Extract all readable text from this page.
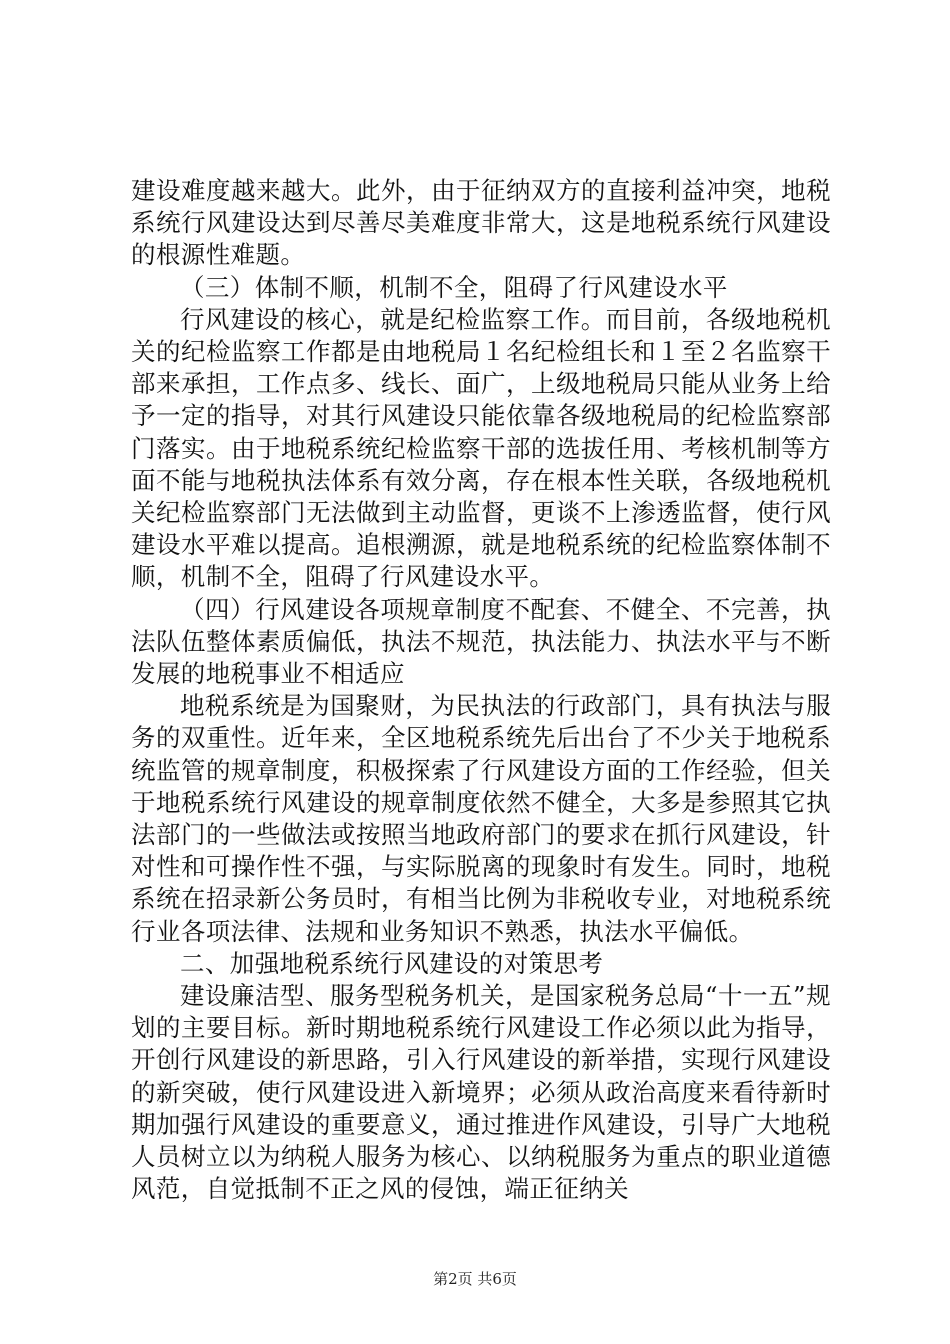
建设难度越来越大。此外，由于征纳双方的直接利益冲突，地税系统行风建设达到尽善尽美难度非常大，这是地税系统行风建设的根源性难题。

（三）体制不顺，机制不全，阻碍了行风建设水平

行风建设的核心，就是纪检监察工作。而目前，各级地税机关的纪检监察工作都是由地税局１名纪检组长和１至２名监察干部来承担，工作点多、线长、面广，上级地税局只能从业务上给予一定的指导，对其行风建设只能依靠各级地税局的纪检监察部门落实。由于地税系统纪检监察干部的选拔任用、考核机制等方面不能与地税执法体系有效分离，存在根本性关联，各级地税机关纪检监察部门无法做到主动监督，更谈不上渗透监督，使行风建设水平难以提高。追根溯源，就是地税系统的纪检监察体制不顺，机制不全，阻碍了行风建设水平。

（四）行风建设各项规章制度不配套、不健全、不完善，执法队伍整体素质偏低，执法不规范，执法能力、执法水平与不断发展的地税事业不相适应

地税系统是为国聚财，为民执法的行政部门，具有执法与服务的双重性。近年来，全区地税系统先后出台了不少关于地税系统监管的规章制度，积极探索了行风建设方面的工作经验，但关于地税系统行风建设的规章制度依然不健全，大多是参照其它执法部门的一些做法或按照当地政府部门的要求在抓行风建设，针对性和可操作性不强，与实际脱离的现象时有发生。同时，地税系统在招录新公务员时，有相当比例为非税收专业，对地税系统行业各项法律、法规和业务知识不熟悉，执法水平偏低。

二、加强地税系统行风建设的对策思考

建设廉洁型、服务型税务机关，是国家税务总局“十一五”规划的主要目标。新时期地税系统行风建设工作必须以此为指导，开创行风建设的新思路，引入行风建设的新举措，实现行风建设的新突破，使行风建设进入新境界；必须从政治高度来看待新时期加强行风建设的重要意义，通过推进作风建设，引导广大地税人员树立以为纳税人服务为核心、以纳税服务为重点的职业道德风范，自觉抵制不正之风的侵蚀，端正征纳关

第2页 共6页
